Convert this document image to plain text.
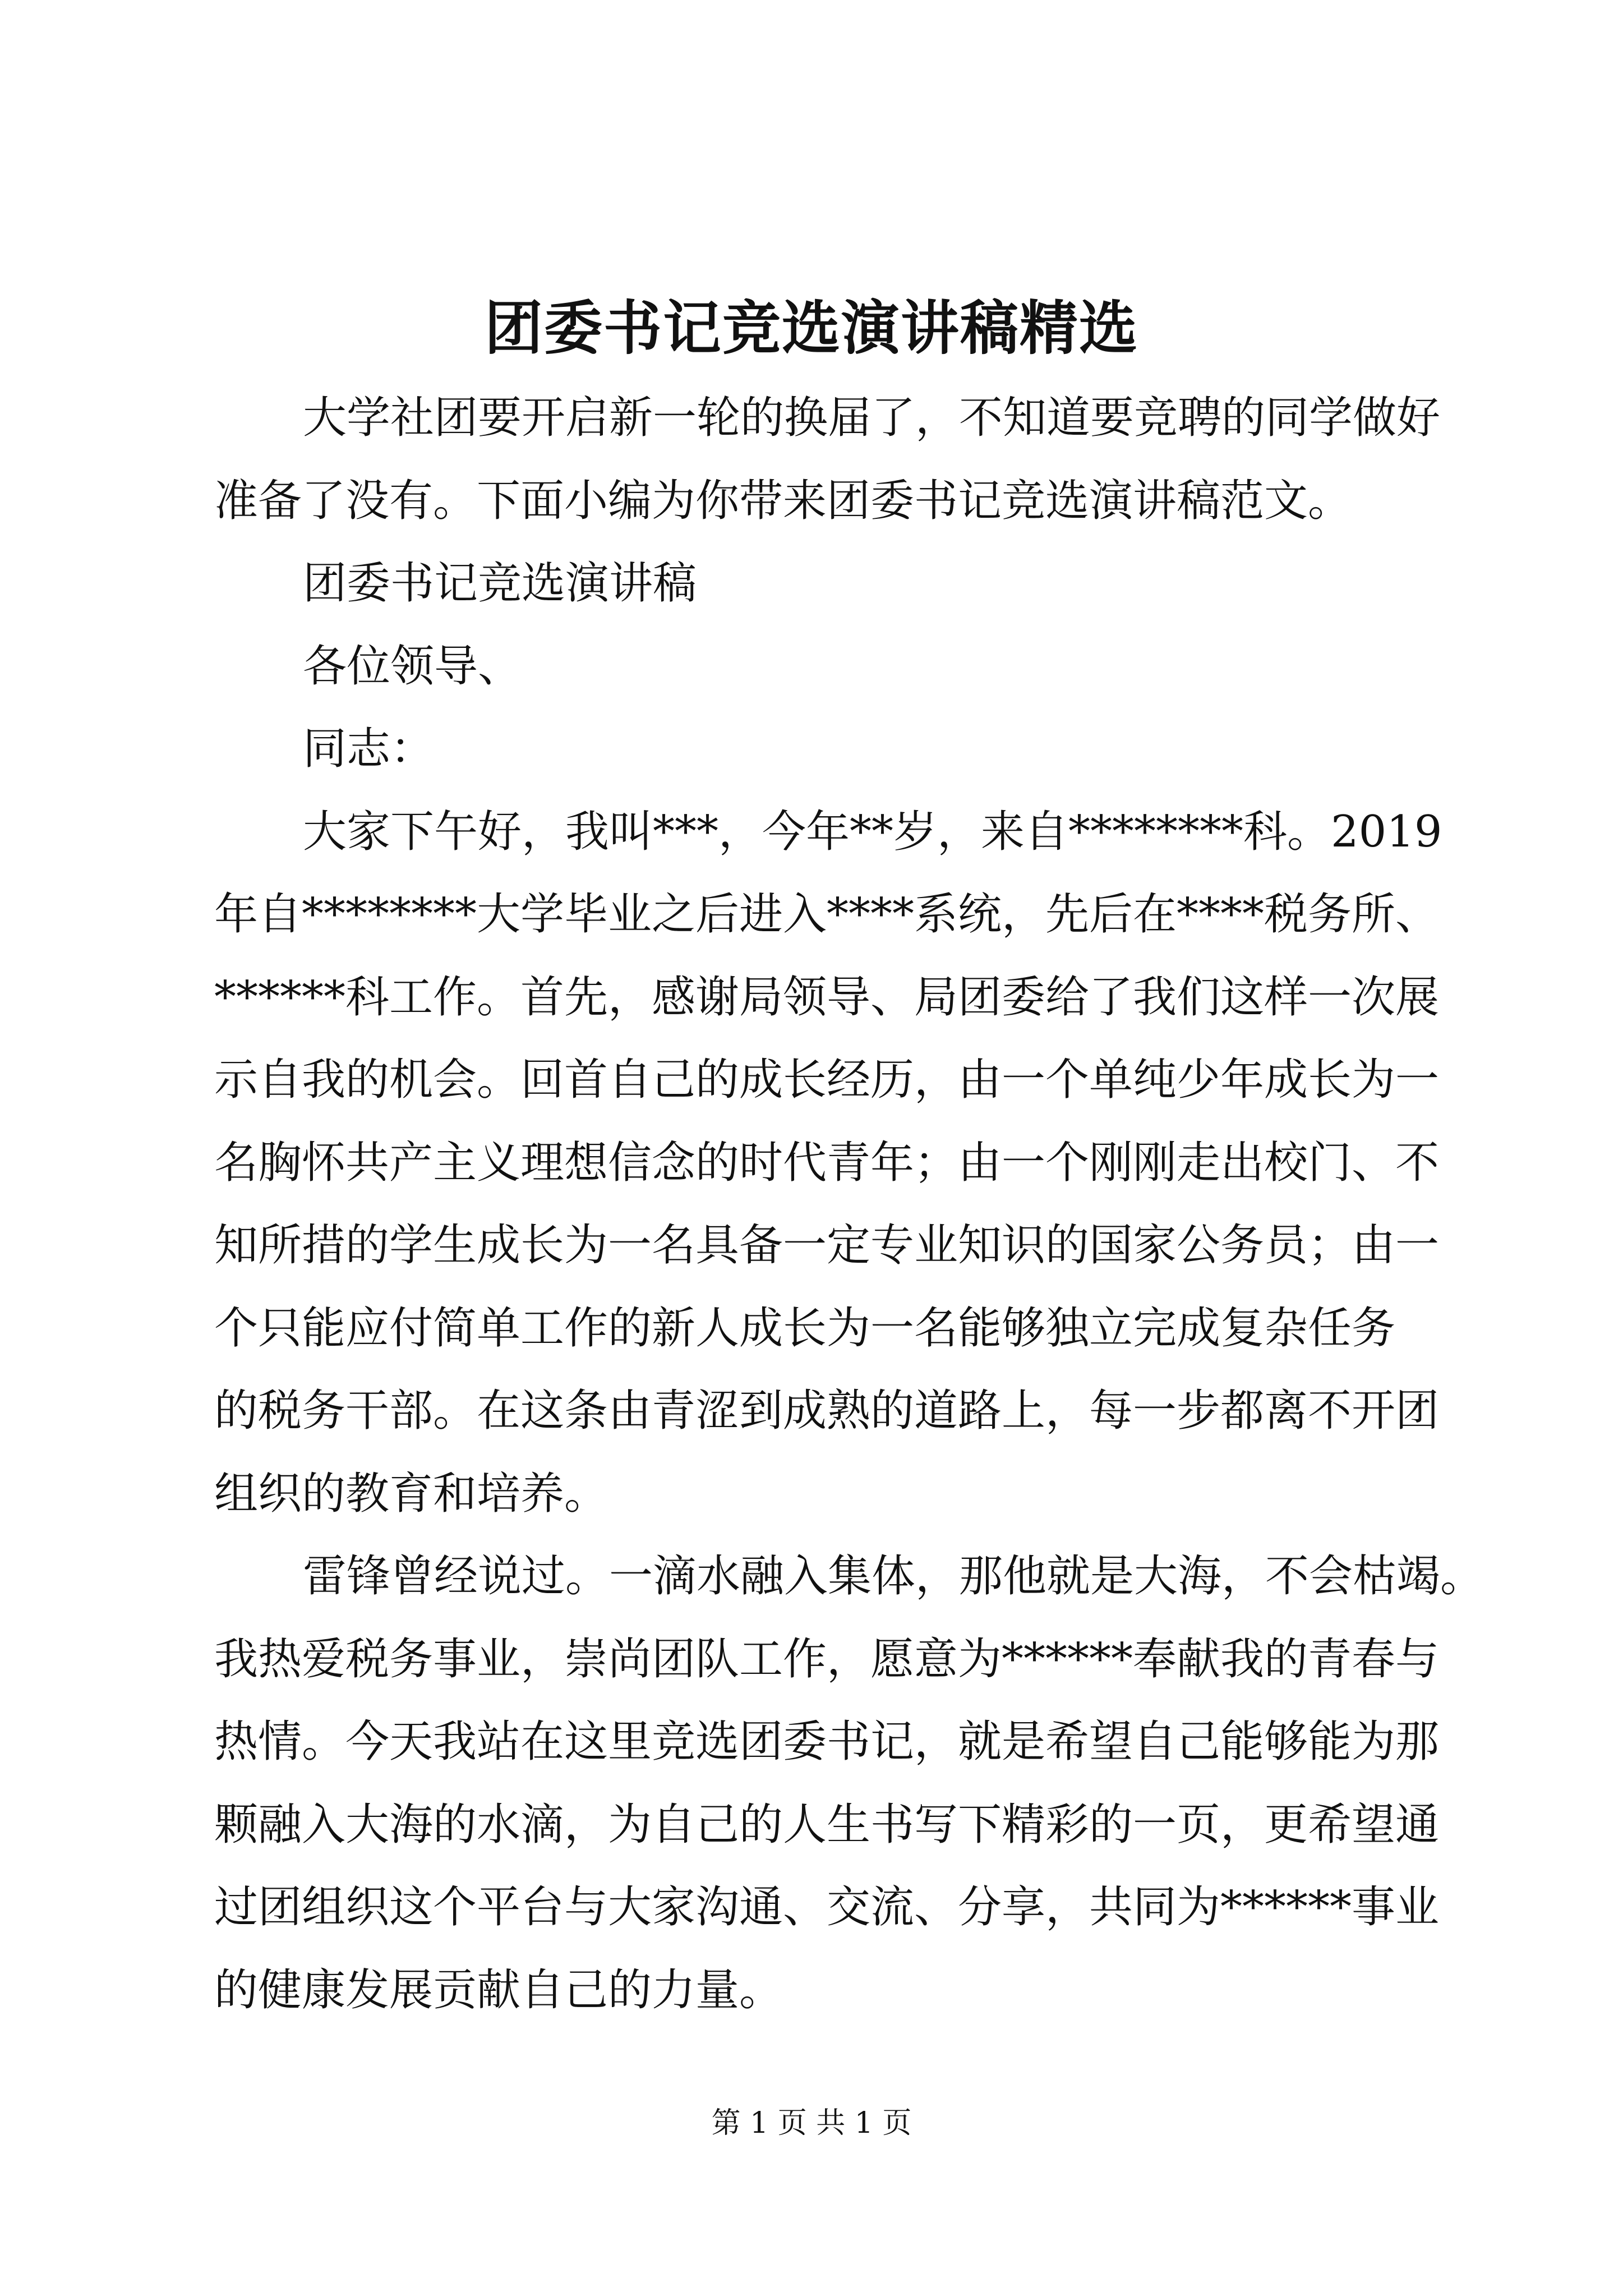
团委书记竞选演讲稿精选

大学社团要开启新一轮的换届了，不知道要竞聘的同学做好

准备了没有。下面小编为你带来团委书记竞选演讲稿范文。

团委书记竞选演讲稿

各位领导、

同志：

大家下午好，我叫***，今年**岁，来自********科。2019

年自********大学毕业之后进入****系统，先后在****税务所、

******科工作。首先，感谢局领导、局团委给了我们这样一次展

示自我的机会。回首自己的成长经历，由一个单纯少年成长为一

名胸怀共产主义理想信念的时代青年；由一个刚刚走出校门、不

知所措的学生成长为一名具备一定专业知识的国家公务员；由一

个只能应付简单工作的新人成长为一名能够独立完成复杂任务

的税务干部。在这条由青涩到成熟的道路上，每一步都离不开团

组织的教育和培养。

雷锋曾经说过。一滴水融入集体，那他就是大海，不会枯竭。

我热爱税务事业，崇尚团队工作，愿意为******奉献我的青春与

热情。今天我站在这里竞选团委书记，就是希望自己能够能为那

颗融入大海的水滴，为自己的人生书写下精彩的一页，更希望通

过团组织这个平台与大家沟通、交流、分享，共同为******事业

的健康发展贡献自己的力量。

第 1 页 共 1 页
